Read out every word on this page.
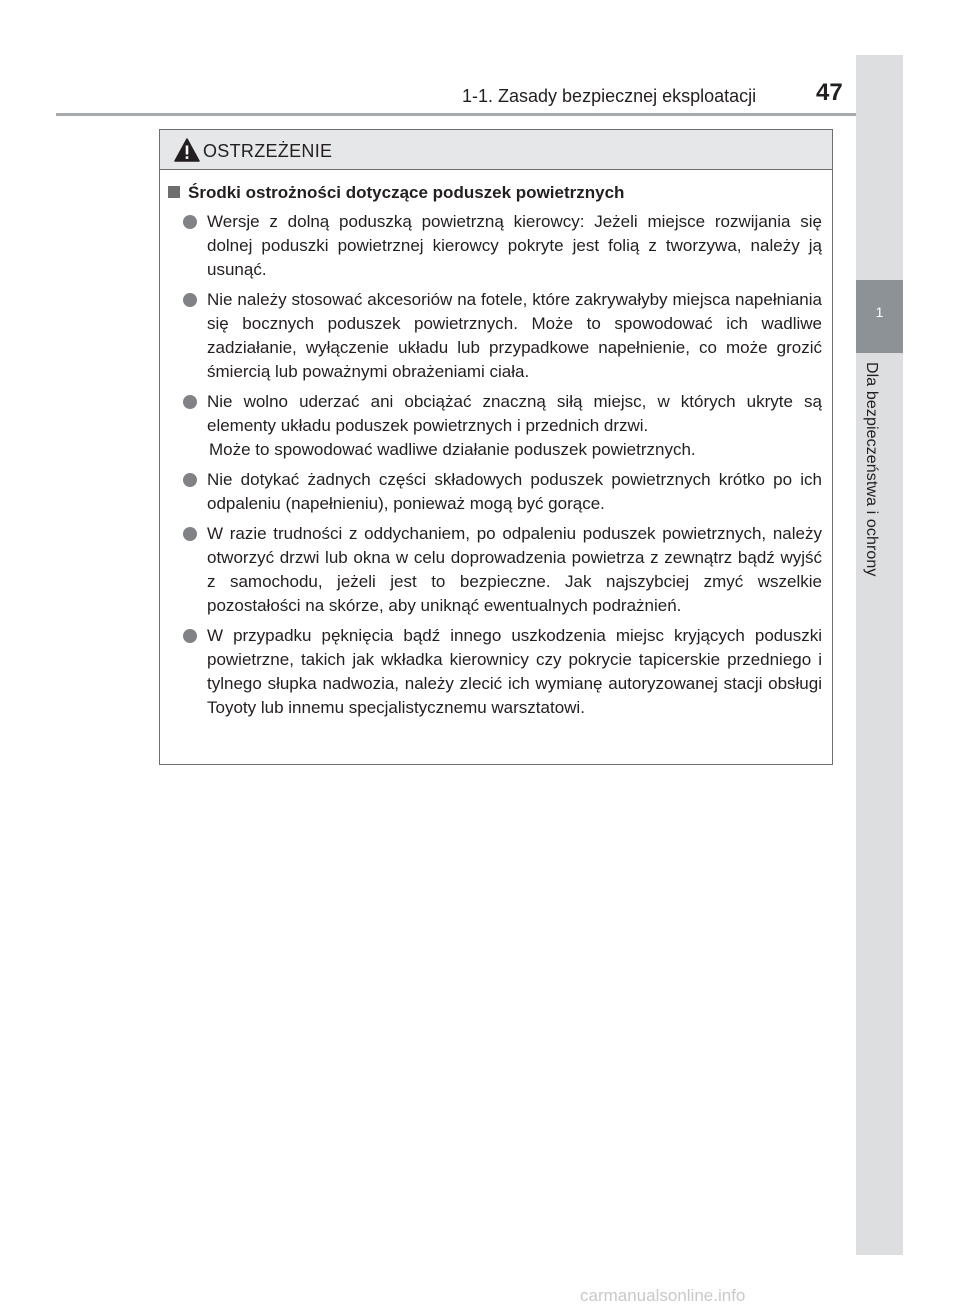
1-1. Zasady bezpiecznej eksploatacji 47
1
Dla bezpieczeństwa i ochrony
OSTRZEŻENIE
Środki ostrożności dotyczące poduszek powietrznych
Wersje z dolną poduszką powietrzną kierowcy: Jeżeli miejsce rozwijania się dolnej poduszki powietrznej kierowcy pokryte jest folią z tworzywa, należy ją usunąć.
Nie należy stosować akcesoriów na fotele, które zakrywałyby miejsca napełniania się bocznych poduszek powietrznych. Może to spowodować ich wadliwe zadziałanie, wyłączenie układu lub przypadkowe napełnienie, co może grozić śmiercią lub poważnymi obrażeniami ciała.
Nie wolno uderzać ani obciążać znaczną siłą miejsc, w których ukryte są elementy układu poduszek powietrznych i przednich drzwi.
Może to spowodować wadliwe działanie poduszek powietrznych.
Nie dotykać żadnych części składowych poduszek powietrznych krótko po ich odpaleniu (napełnieniu), ponieważ mogą być gorące.
W razie trudności z oddychaniem, po odpaleniu poduszek powietrznych, należy otworzyć drzwi lub okna w celu doprowadzenia powietrza z zewnątrz bądź wyjść z samochodu, jeżeli jest to bezpieczne. Jak najszybciej zmyć wszelkie pozostałości na skórze, aby uniknąć ewentualnych podrażnień.
W przypadku pęknięcia bądź innego uszkodzenia miejsc kryjących poduszki powietrzne, takich jak wkładka kierownicy czy pokrycie tapicerskie przedniego i tylnego słupka nadwozia, należy zlecić ich wymianę autoryzowanej stacji obsługi Toyoty lub innemu specjalistycznemu warsztatowi.
carmanualsonline.info
